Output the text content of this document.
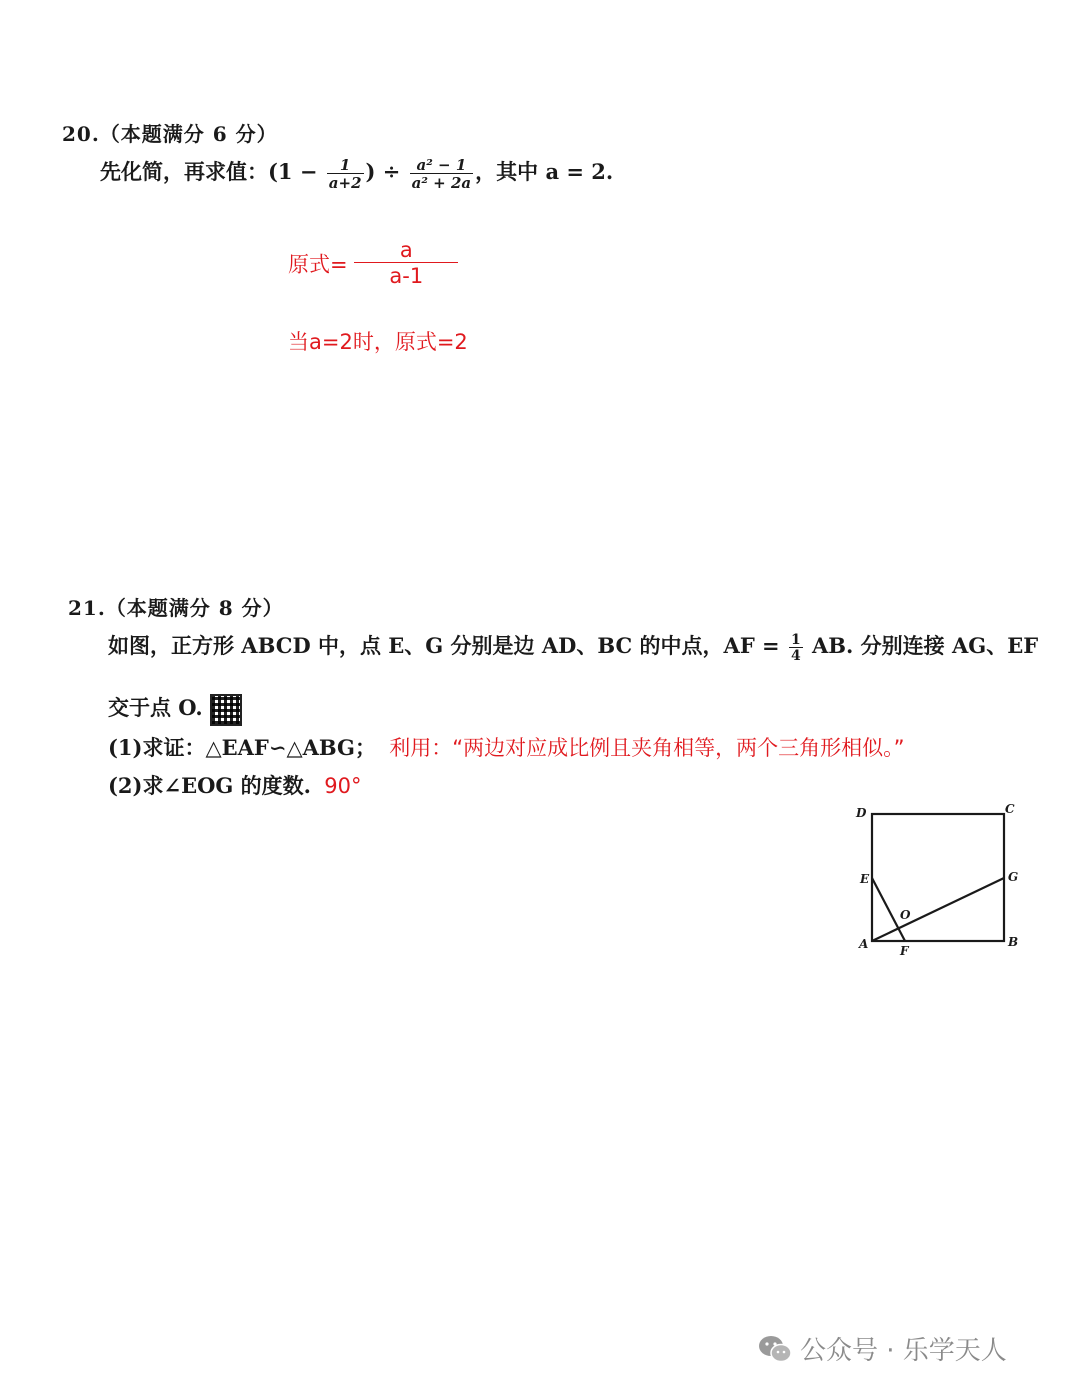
20.（本题满分 6 分）
先化简，再求值：($1 - \frac{1}{a+2}$ ) ÷ $\frac{\text{a² − 1}}{\text{a² + 2a}}$ ，其中 a = 2.
原式= $\frac{a}{a-1}$
当a=2时，原式=2
21.（本题满分 8 分）
如图，正方形 ABCD 中，点 E、G 分别是边 AD、BC 的中点，AF = $\frac{1}{4}$ AB. 分别连接 AG、EF
交于点 O.
(1)求证：△EAF∽△ABG； 利用：“两边对应成比例且夹角相等，两个三角形相似。”
(2)求∠EOG 的度数. 90°
D	C
E	G
O
A	F
B
公众号 · 乐学天人
